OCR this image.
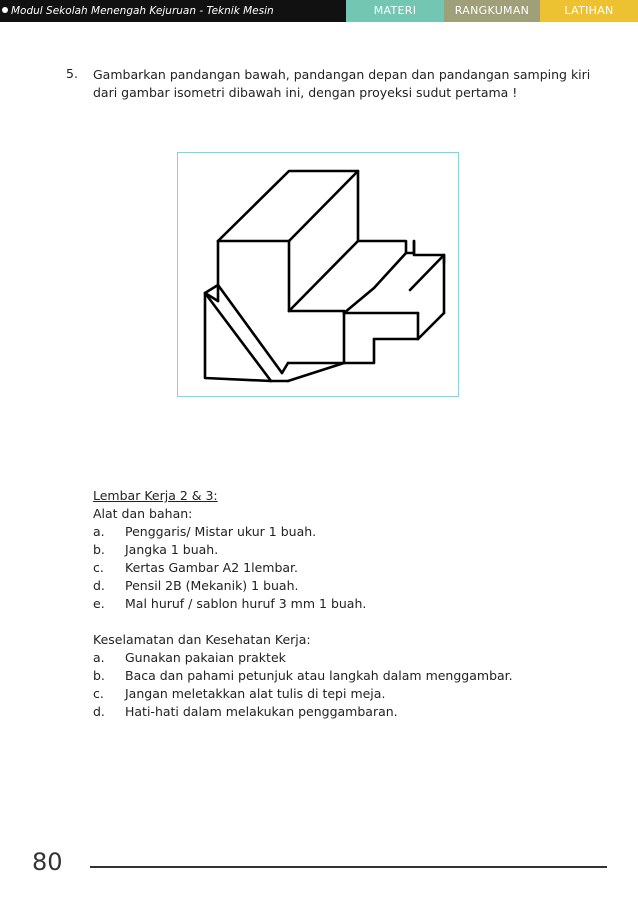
Modul Sekolah Menengah Kejuruan - Teknik Mesin	MATERI	RANGKUMAN	LATIHAN
5. Gambarkan pandangan bawah, pandangan depan dan pandangan samping kiri dari gambar isometri dibawah ini, dengan proyeksi sudut pertama !
Lembar Kerja 2 & 3:
Alat dan bahan:
a.	Penggaris/ Mistar ukur 1 buah.
b.	Jangka 1 buah.
c.	Kertas Gambar A2 1lembar.
d.	Pensil 2B (Mekanik) 1 buah.
e.	Mal huruf / sablon huruf 3 mm 1 buah.
Keselamatan dan Kesehatan Kerja:
a.	Gunakan pakaian praktek
b.	Baca dan pahami petunjuk atau langkah dalam menggambar.
c.	Jangan meletakkan alat tulis di tepi meja.
d.	Hati-hati dalam melakukan penggambaran.
80
